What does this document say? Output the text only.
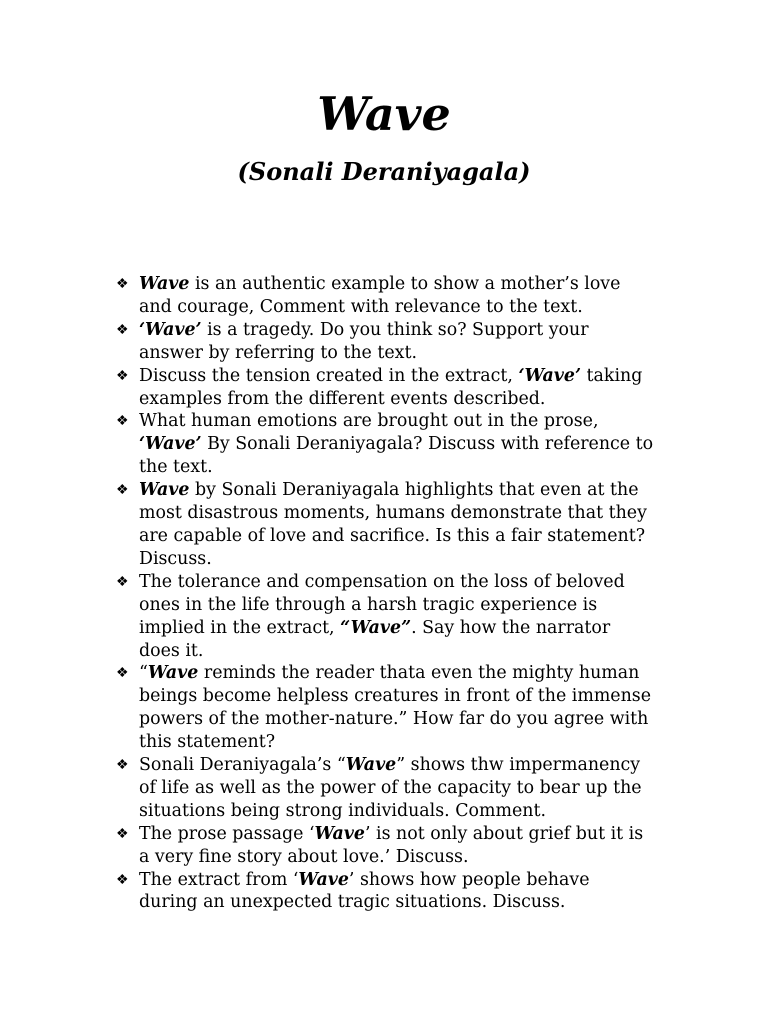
Wave
(Sonali Deraniyagala)
❖ Wave is an authentic example to show a mother’s love
and courage, Comment with relevance to the text.
❖ ‘Wave’ is a tragedy. Do you think so? Support your
answer by referring to the text.
❖ Discuss the tension created in the extract, ‘Wave’ taking
examples from the different events described.
❖ What human emotions are brought out in the prose,
‘Wave’ By Sonali Deraniyagala? Discuss with reference to
the text.
❖ Wave by Sonali Deraniyagala highlights that even at the
most disastrous moments, humans demonstrate that they
are capable of love and sacrifice. Is this a fair statement?
Discuss.
❖ The tolerance and compensation on the loss of beloved
ones in the life through a harsh tragic experience is
implied in the extract, “Wave”. Say how the narrator
does it.
❖ “Wave reminds the reader thata even the mighty human
beings become helpless creatures in front of the immense
powers of the mother-nature.” How far do you agree with
this statement?
❖ Sonali Deraniyagala’s “Wave” shows thw impermanency
of life as well as the power of the capacity to bear up the
situations being strong individuals. Comment.
❖ The prose passage ‘Wave’ is not only about grief but it is
a very fine story about love.’ Discuss.
❖ The extract from ‘Wave’ shows how people behave
during an unexpected tragic situations. Discuss.
